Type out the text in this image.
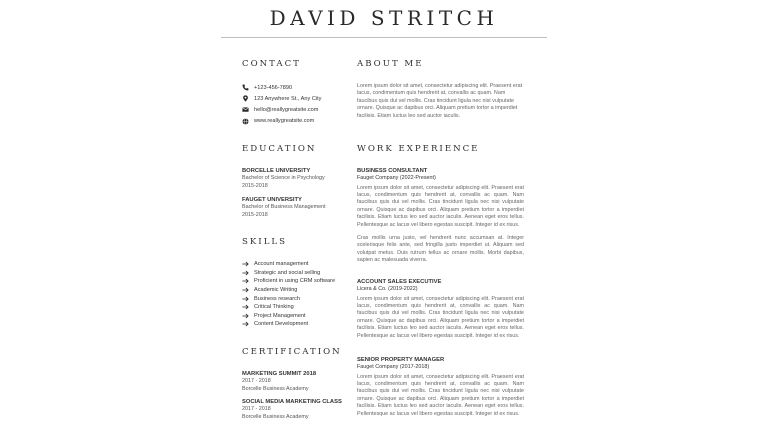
DAVID STRITCH
CONTACT
+123-456-7890
123 Anywhere St., Any City
hello@reallygreatsite.com
www.reallygreatsite.com
EDUCATION
BORCELLE UNIVERSITY
Bachelor of Science in Psychology
2015-2018
FAUGET UNIVERSITY
Bachelor of Business Management
2015-2018
SKILLS
Account management
Strategic and social selling
Proficient in using CRM software
Academic Writing
Business research
Critical Thinking
Project Management
Content Development
CERTIFICATION
MARKETING SUMMIT 2018
2017 - 2018
Borcelle Business Academy
SOCIAL MEDIA MARKETING CLASS
2017 - 2018
Borcelle Business Academy
ABOUT ME

Lorem ipsum dolor sit amet, consectetur adipiscing elit. Praesent erat lacus, condimentum quis hendrerit at, convallis ac quam. Nam faucibus quis dui vel mollis. Cras tincidunt ligula nec nisi vulputate ornare. Quisque ac dapibus orci. Aliquam pretium tortor a imperdiet facilisis. Etiam luctus leo sed auctor iaculis.

WORK EXPERIENCE
BUSINESS CONSULTANT
Fauget Company (2022-Present)

Lorem ipsum dolor sit amet, consectetur adipiscing elit. Praesent erat lacus, condimentum quis hendrerit at, convallis ac quam. Nam faucibus quis dui vel mollis. Cras tincidunt ligula nec nisi vulputate ornare. Quisque ac dapibus orci. Aliquam pretium tortor a imperdiet facilisis. Etiam luctus leo sed auctor iaculis. Aenean eget eros tellus. Pellentesque ac lacus vel libero egestas suscipit. Integer id ex risus.

Cras mollis urna justo, vel hendrerit nunc accumsan at. Integer scelerisque felis ante, sed fringilla justo imperdiet ut. Aliquam sed volutpat metus. Duis rutrum tellus ac ornare mollis. Morbi dapibus, sapien ac malesuada viverra.

ACCOUNT SALES EXECUTIVE
Licera & Co. (2019-2022)

Lorem ipsum dolor sit amet, consectetur adipiscing elit. Praesent erat lacus, condimentum quis hendrerit at, convallis ac quam. Nam faucibus quis dui vel mollis. Cras tincidunt ligula nec nisi vulputate ornare. Quisque ac dapibus orci. Aliquam pretium tortor a imperdiet facilisis. Etiam luctus leo sed auctor iaculis. Aenean eget eros tellus. Pellentesque ac lacus vel libero egestas suscipit. Integer id ex risus.

SENIOR PROPERTY MANAGER
Fauget Company (2017-2018)

Lorem ipsum dolor sit amet, consectetur adipiscing elit. Praesent erat lacus, condimentum quis hendrerit at, convallis ac quam. Nam faucibus quis dui vel mollis. Cras tincidunt ligula nec nisi vulputate ornare. Quisque ac dapibus orci. Aliquam pretium tortor a imperdiet facilisis. Etiam luctus leo sed auctor iaculis. Aenean eget eros tellus. Pellentesque ac lacus vel libero egestas suscipit. Integer id ex risus.
